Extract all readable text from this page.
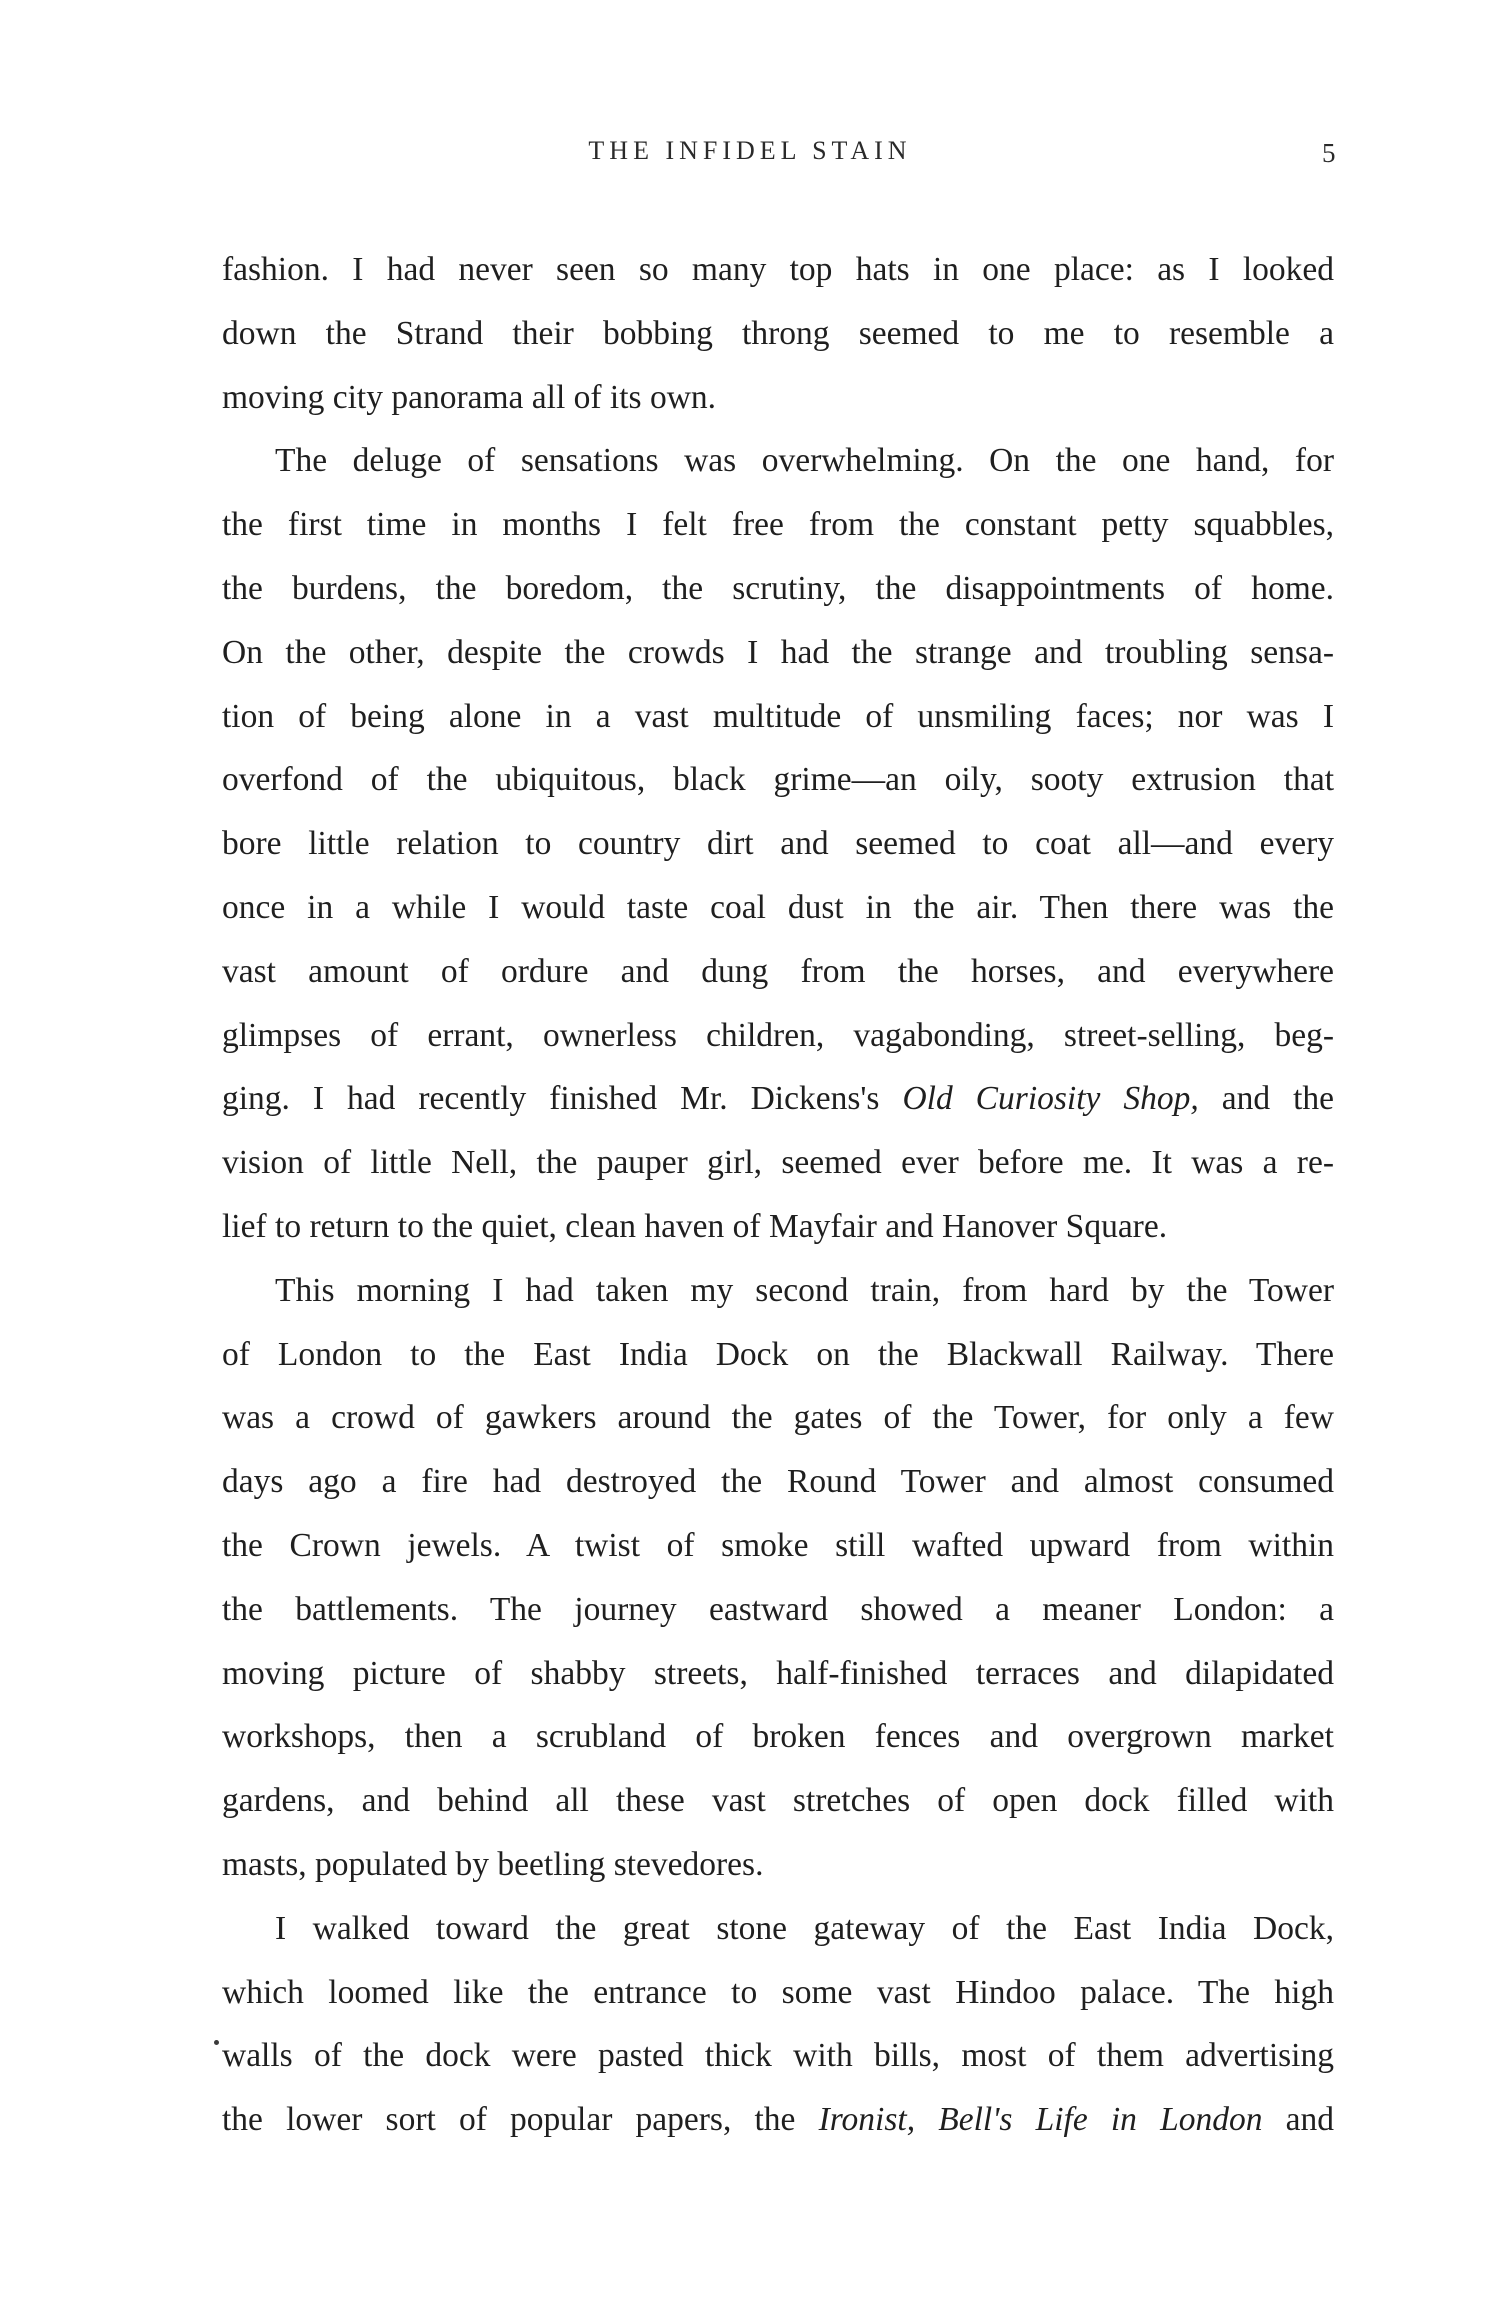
THE INFIDEL STAIN	5
fashion. I had never seen so many top hats in one place: as I looked
down the Strand their bobbing throng seemed to me to resemble a
moving city panorama all of its own.
The deluge of sensations was overwhelming. On the one hand, for
the first time in months I felt free from the constant petty squabbles,
the burdens, the boredom, the scrutiny, the disappointments of home.
On the other, despite the crowds I had the strange and troubling sensa-
tion of being alone in a vast multitude of unsmiling faces; nor was I
overfond of the ubiquitous, black grime—an oily, sooty extrusion that
bore little relation to country dirt and seemed to coat all—and every
once in a while I would taste coal dust in the air. Then there was the
vast amount of ordure and dung from the horses, and everywhere
glimpses of errant, ownerless children, vagabonding, street-selling, beg-
ging. I had recently finished Mr. Dickens's Old Curiosity Shop, and the
vision of little Nell, the pauper girl, seemed ever before me. It was a re-
lief to return to the quiet, clean haven of Mayfair and Hanover Square.
This morning I had taken my second train, from hard by the Tower
of London to the East India Dock on the Blackwall Railway. There
was a crowd of gawkers around the gates of the Tower, for only a few
days ago a fire had destroyed the Round Tower and almost consumed
the Crown jewels. A twist of smoke still wafted upward from within
the battlements. The journey eastward showed a meaner London: a
moving picture of shabby streets, half-finished terraces and dilapidated
workshops, then a scrubland of broken fences and overgrown market
gardens, and behind all these vast stretches of open dock filled with
masts, populated by beetling stevedores.
I walked toward the great stone gateway of the East India Dock,
which loomed like the entrance to some vast Hindoo palace. The high
walls of the dock were pasted thick with bills, most of them advertising
the lower sort of popular papers, the Ironist, Bell's Life in London and
